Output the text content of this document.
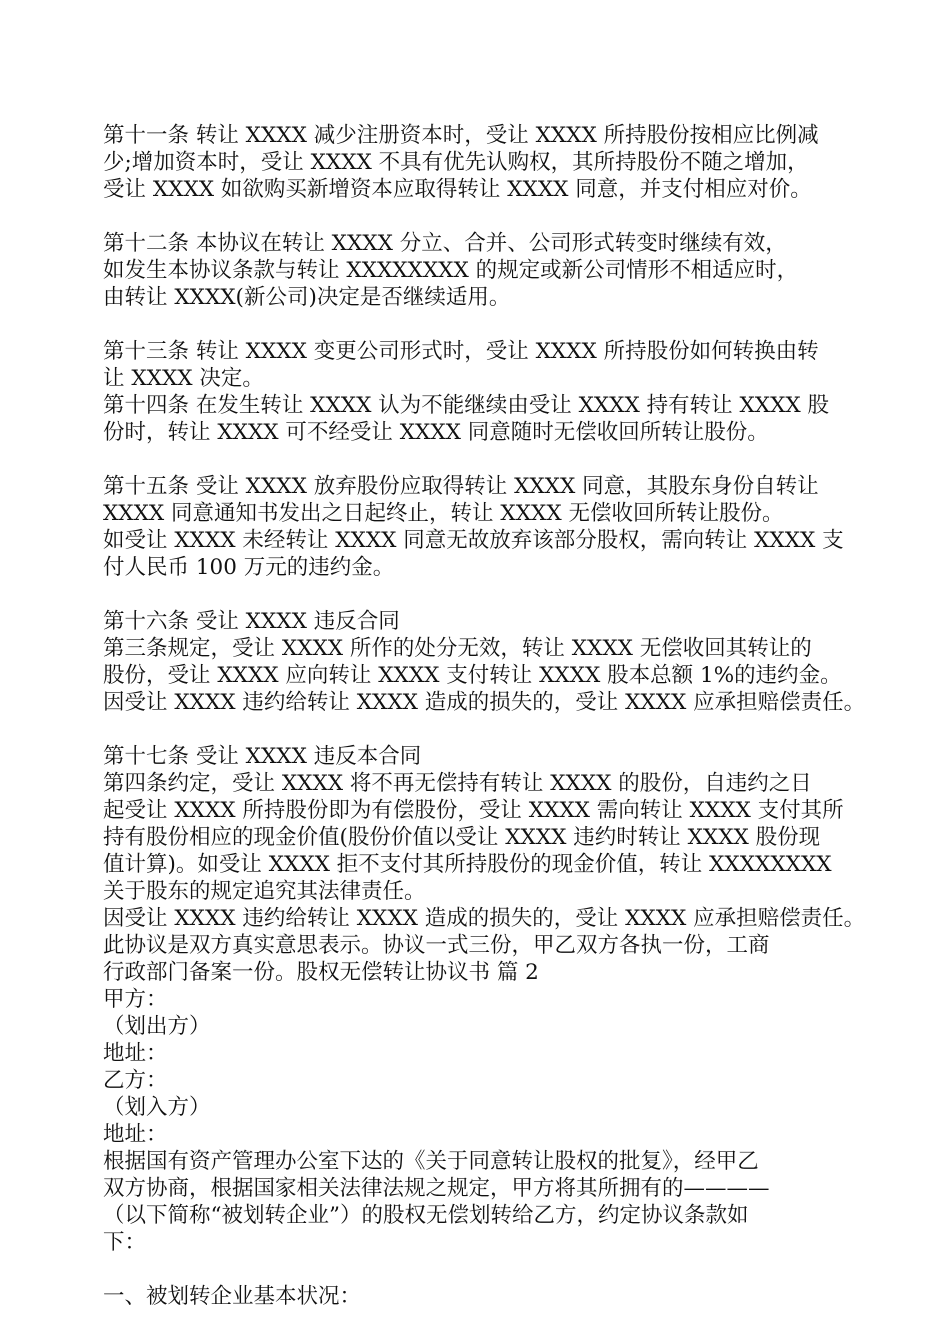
第十一条 转让 XXXX 减少注册资本时，受让 XXXX 所持股份按相应比例减
少;增加资本时，受让 XXXX 不具有优先认购权，其所持股份不随之增加，
受让 XXXX 如欲购买新增资本应取得转让 XXXX 同意，并支付相应对价。
第十二条 本协议在转让 XXXX 分立、合并、公司形式转变时继续有效，
如发生本协议条款与转让 XXXXXXXX 的规定或新公司情形不相适应时，
由转让 XXXX(新公司)决定是否继续适用。
第十三条 转让 XXXX 变更公司形式时，受让 XXXX 所持股份如何转换由转
让 XXXX 决定。
第十四条 在发生转让 XXXX 认为不能继续由受让 XXXX 持有转让 XXXX 股
份时，转让 XXXX 可不经受让 XXXX 同意随时无偿收回所转让股份。
第十五条 受让 XXXX 放弃股份应取得转让 XXXX 同意，其股东身份自转让
XXXX 同意通知书发出之日起终止，转让 XXXX 无偿收回所转让股份。
如受让 XXXX 未经转让 XXXX 同意无故放弃该部分股权，需向转让 XXXX 支
付人民币 100 万元的违约金。
第十六条 受让 XXXX 违反合同
第三条规定，受让 XXXX 所作的处分无效，转让 XXXX 无偿收回其转让的
股份，受让 XXXX 应向转让 XXXX 支付转让 XXXX 股本总额 1%的违约金。
因受让 XXXX 违约给转让 XXXX 造成的损失的，受让 XXXX 应承担赔偿责任。
第十七条 受让 XXXX 违反本合同
第四条约定，受让 XXXX 将不再无偿持有转让 XXXX 的股份，自违约之日
起受让 XXXX 所持股份即为有偿股份，受让 XXXX 需向转让 XXXX 支付其所
持有股份相应的现金价值(股份价值以受让 XXXX 违约时转让 XXXX 股份现
值计算)。如受让 XXXX 拒不支付其所持股份的现金价值，转让 XXXXXXXX
关于股东的规定追究其法律责任。
因受让 XXXX 违约给转让 XXXX 造成的损失的，受让 XXXX 应承担赔偿责任。
此协议是双方真实意思表示。协议一式三份，甲乙双方各执一份，工商
行政部门备案一份。股权无偿转让协议书 篇 2
甲方：
（划出方）
地址：
乙方：
（划入方）
地址：
根据国有资产管理办公室下达的《关于同意转让股权的批复》，经甲乙
双方协商，根据国家相关法律法规之规定，甲方将其所拥有的————
（以下简称“被划转企业”）的股权无偿划转给乙方，约定协议条款如
下：
一、被划转企业基本状况：
